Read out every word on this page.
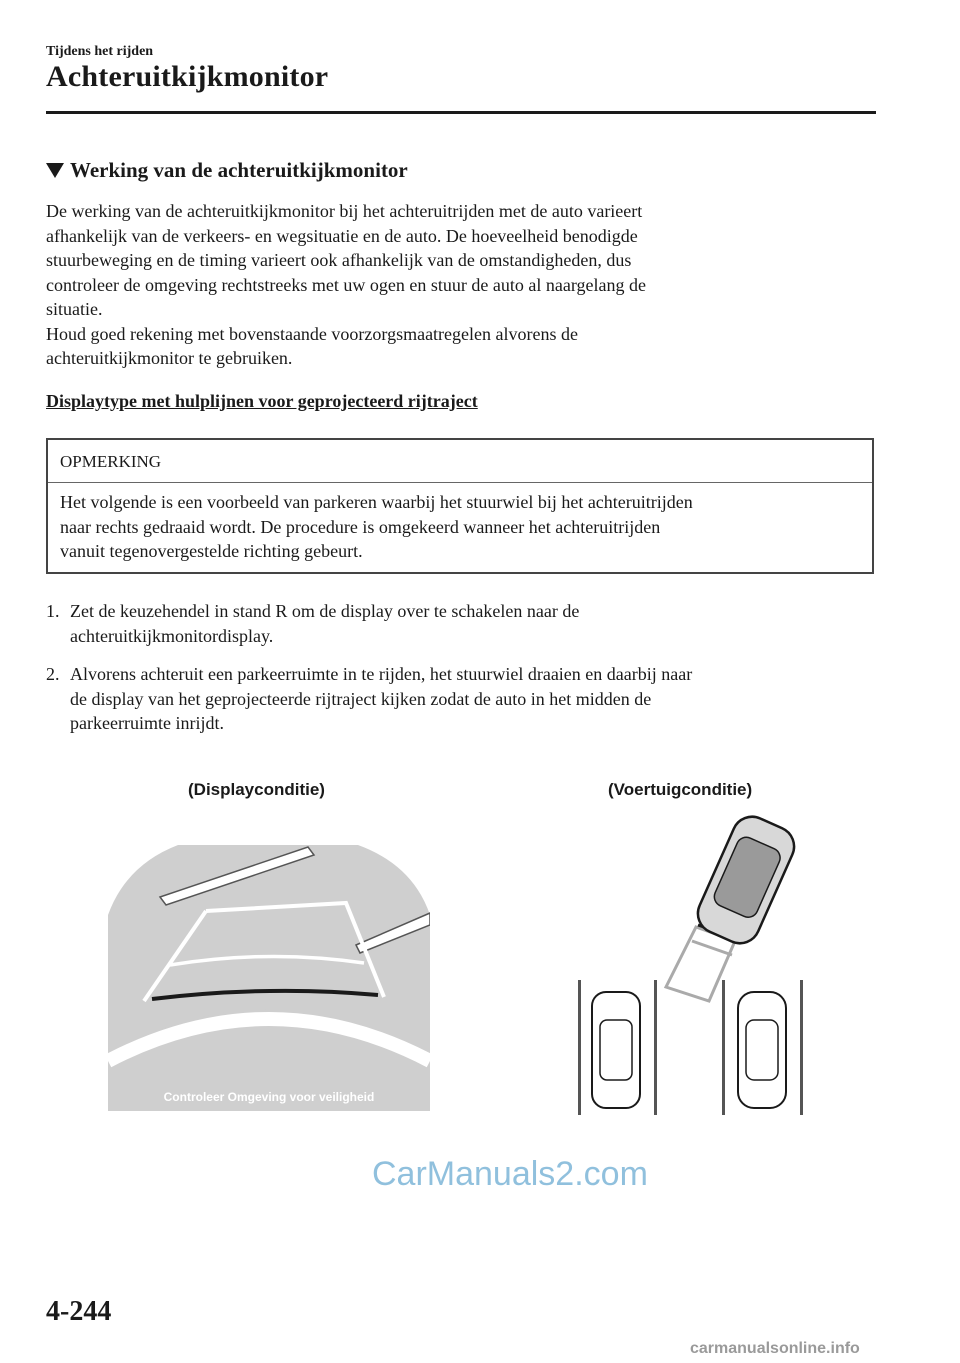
Tijdens het rijden
Achteruitkijkmonitor
Werking van de achteruitkijkmonitor
De werking van de achteruitkijkmonitor bij het achteruitrijden met de auto varieert
afhankelijk van de verkeers- en wegsituatie en de auto. De hoeveelheid benodigde
stuurbeweging en de timing varieert ook afhankelijk van de omstandigheden, dus
controleer de omgeving rechtstreeks met uw ogen en stuur de auto al naargelang de
situatie.
Houd goed rekening met bovenstaande voorzorgsmaatregelen alvorens de
achteruitkijkmonitor te gebruiken.
Displaytype met hulplijnen voor geprojecteerd rijtraject
OPMERKING
Het volgende is een voorbeeld van parkeren waarbij het stuurwiel bij het achteruitrijden
naar rechts gedraaid wordt. De procedure is omgekeerd wanneer het achteruitrijden
vanuit tegenovergestelde richting gebeurt.
1. Zet de keuzehendel in stand R om de display over te schakelen naar de
achteruitkijkmonitordisplay.
2. Alvorens achteruit een parkeerruimte in te rijden, het stuurwiel draaien en daarbij naar
de display van het geprojecteerde rijtraject kijken zodat de auto in het midden de
parkeerruimte inrijdt.
(Displayconditie)	(Voertuigconditie)
Controleer Omgeving voor veiligheid
CarManuals2.com
4-244
carmanualsonline.info
